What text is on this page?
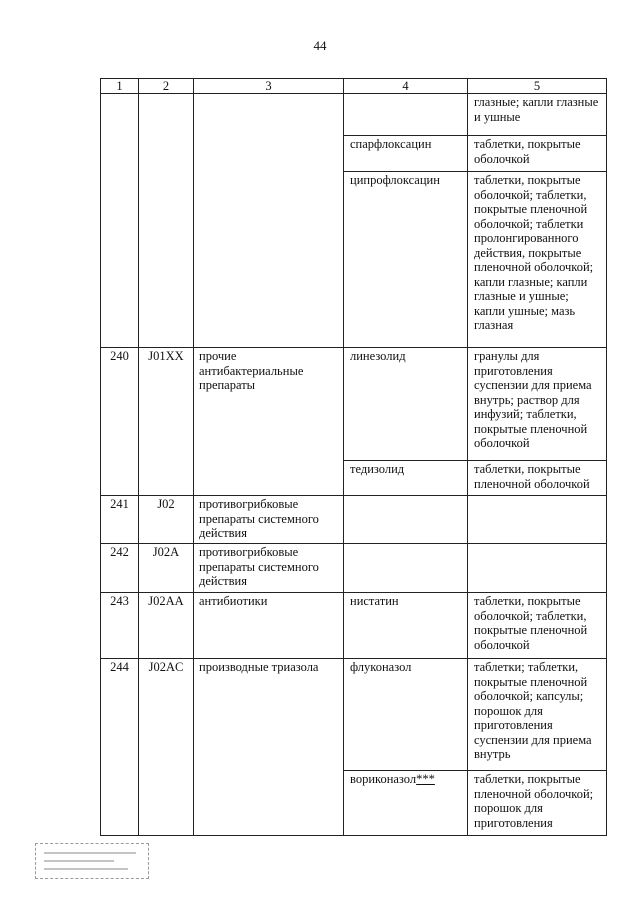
44
1	2	3	4	5
				глазные; капли глазные и ушные
			спарфлоксацин	таблетки, покрытые оболочкой
			ципрофлоксацин	таблетки, покрытые оболочкой; таблетки, покрытые пленочной оболочкой; таблетки пролонгированного действия, покрытые пленочной оболочкой; капли глазные; капли глазные и ушные; капли ушные; мазь глазная
240	J01XX	прочие антибактериальные препараты	линезолид	гранулы для приготовления суспензии для приема внутрь; раствор для инфузий; таблетки, покрытые пленочной оболочкой
			тедизолид	таблетки, покрытые пленочной оболочкой
241	J02	противогрибковые препараты системного действия		
242	J02A	противогрибковые препараты системного действия		
243	J02AA	антибиотики	нистатин	таблетки, покрытые оболочкой; таблетки, покрытые пленочной оболочкой
244	J02AC	производные триазола	флуконазол	таблетки; таблетки, покрытые пленочной оболочкой; капсулы; порошок для приготовления суспензии для приема внутрь
			вориконазол***	таблетки, покрытые пленочной оболочкой; порошок для приготовления
